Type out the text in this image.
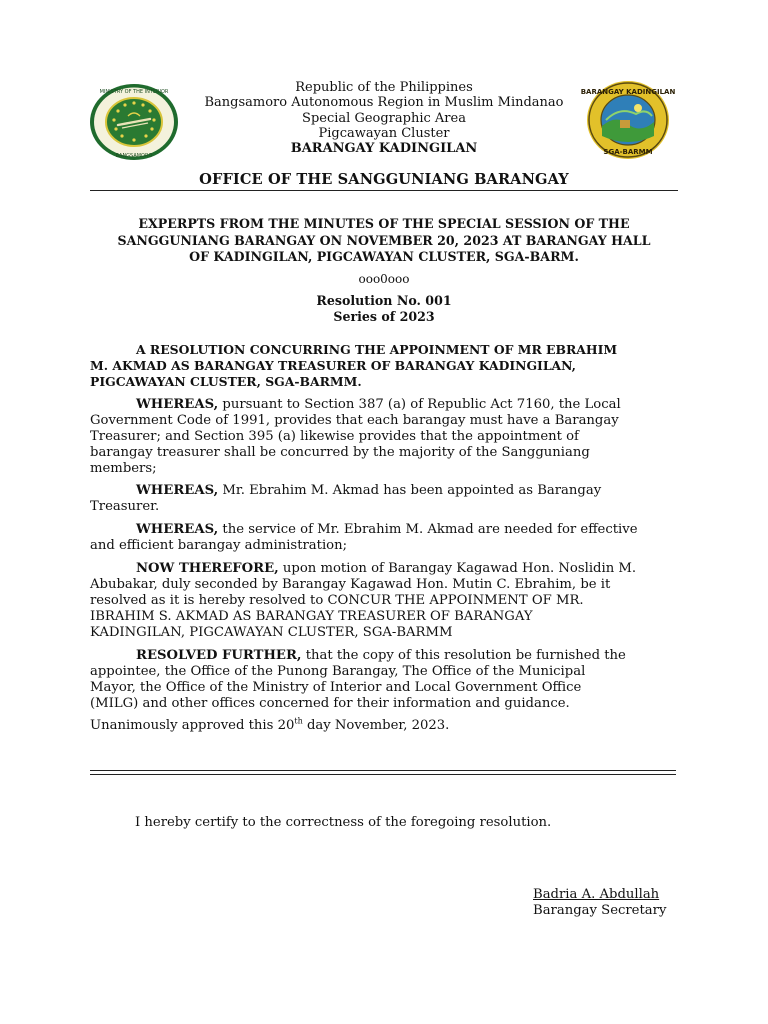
MINISTRY OF THE INTERIOR
BANGSAMORO
BARANGAY KADINGILAN
SGA-BARMM
Republic of the Philippines
Bangsamoro Autonomous Region in Muslim Mindanao
Special Geographic Area
Pigcawayan Cluster
BARANGAY KADINGILAN
OFFICE OF THE SANGGUNIANG BARANGAY
EXPERPTS FROM THE MINUTES OF THE SPECIAL SESSION OF THE
SANGGUNIANG BARANGAY ON NOVEMBER 20, 2023 AT BARANGAY HALL
OF KADINGILAN, PIGCAWAYAN CLUSTER, SGA-BARM.
ooo0ooo
Resolution No. 001
Series of 2023
A RESOLUTION CONCURRING THE APPOINMENT OF MR EBRAHIM
M. AKMAD AS BARANGAY TREASURER OF BARANGAY KADINGILAN,
PIGCAWAYAN CLUSTER, SGA-BARMM.
WHEREAS, pursuant to Section 387 (a) of Republic Act 7160, the Local
Government Code of 1991, provides that each barangay must have a Barangay
Treasurer; and Section 395 (a) likewise provides that the appointment of
barangay treasurer shall be concurred by the majority of the Sangguniang
members;
WHEREAS, Mr. Ebrahim M. Akmad has been appointed as Barangay
Treasurer.
WHEREAS, the service of Mr. Ebrahim M. Akmad are needed for effective
and efficient barangay administration;
NOW THEREFORE, upon motion of Barangay Kagawad Hon. Noslidin M.
Abubakar, duly seconded by Barangay Kagawad Hon. Mutin C. Ebrahim, be it
resolved as it is hereby resolved to CONCUR THE APPOINMENT OF MR.
IBRAHIM S. AKMAD AS BARANGAY TREASURER OF BARANGAY
KADINGILAN, PIGCAWAYAN CLUSTER, SGA-BARMM
RESOLVED FURTHER, that the copy of this resolution be furnished the
appointee, the Office of the Punong Barangay, The Office of the Municipal
Mayor, the Office of the Ministry of Interior and Local Government Office
(MILG) and other offices concerned for their information and guidance.
Unanimously approved this 20th day November, 2023.
I hereby certify to the correctness of the foregoing resolution.
Badria A. Abdullah
Barangay Secretary
